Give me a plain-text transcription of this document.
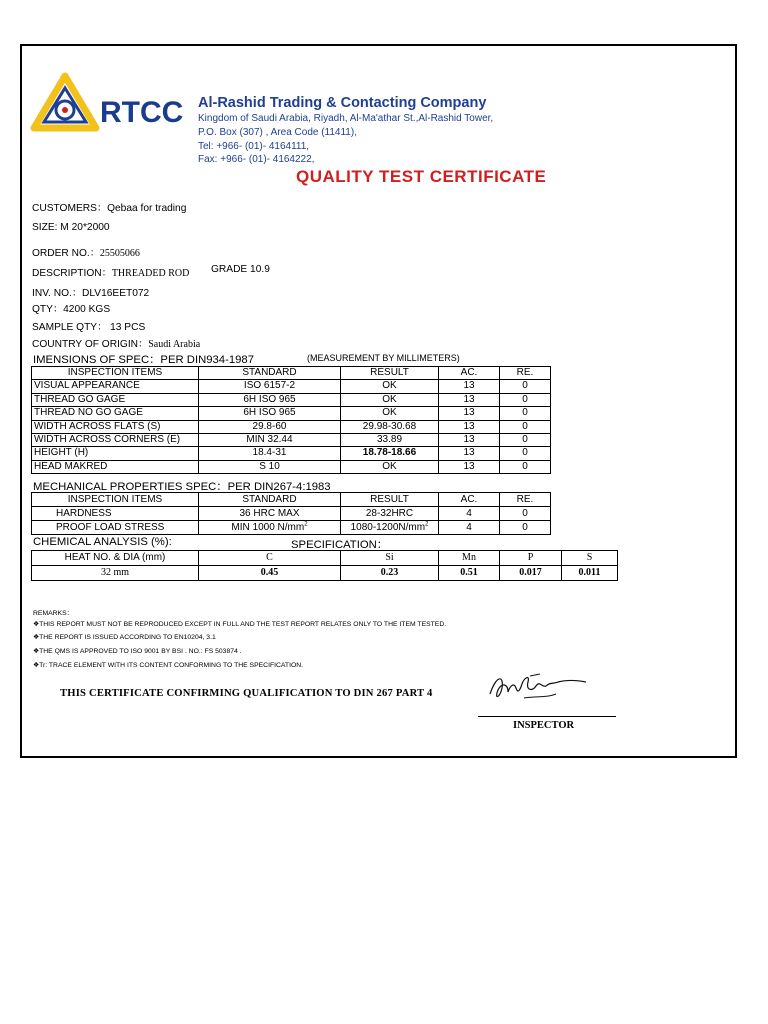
RTCC Al-Rashid Trading & Contacting Company
Kingdom of Saudi Arabia, Riyadh, Al-Ma'athar St.,Al-Rashid Tower,
P.O. Box (307) , Area Code (11411),
Tel: +966- (01)- 4164111,
Fax: +966- (01)- 4164222,
QUALITY TEST CERTIFICATE
CUSTOMERS：Qebaa for trading
SIZE: M 20*2000
ORDER NO.：25505066
DESCRIPTION：THREADED ROD GRADE 10.9
INV. NO.：DLV16EET072
QTY：4200 KGS
SAMPLE QTY： 13 PCS
COUNTRY OF ORIGIN：Saudi Arabia
IMENSIONS OF SPEC：PER DIN934-1987	(MEASUREMENT BY MILLIMETERS)
INSPECTION ITEMS	STANDARD	RESULT	AC.	RE.
VISUAL APPEARANCE	ISO 6157-2	OK	13	0
THREAD GO GAGE	6H ISO 965	OK	13	0
THREAD NO GO GAGE	6H ISO 965	OK	13	0
WIDTH ACROSS FLATS (S)	29.8-60	29.98-30.68	13	0
WIDTH ACROSS CORNERS (E)	MIN 32.44	33.89	13	0
HEIGHT (H)	18.4-31	18.78-18.66	13	0
HEAD MAKRED	S 10	OK	13	0
MECHANICAL PROPERTIES SPEC：PER DIN267-4:1983
INSPECTION ITEMS	STANDARD	RESULT	AC.	RE.
HARDNESS	36 HRC MAX	28-32HRC	4	0
PROOF LOAD STRESS	MIN 1000 $N/mm^2$	$1080-1200N/mm^2$	4	0
CHEMICAL ANALYSIS (%):	SPECIFICATION：
HEAT NO. & DIA (mm)	C	Si	Mn	P	S
32 mm	0.45	0.23	0.51	0.017	0.011
REMARKS：
❖THIS REPORT MUST NOT BE REPRODUCED EXCEPT IN FULL AND THE TEST REPORT RELATES ONLY TO THE ITEM TESTED.
❖THE REPORT IS ISSUED ACCORDING TO EN10204, 3.1
❖THE QMS IS APPROVED TO ISO 9001 BY BSI . NO.: FS 503874 .
❖Tr: TRACE ELEMENT WITH ITS CONTENT CONFORMING TO THE SPECIFICATION.
THIS CERTIFICATE CONFIRMING QUALIFICATION TO DIN 267 PART 4
INSPECTOR
